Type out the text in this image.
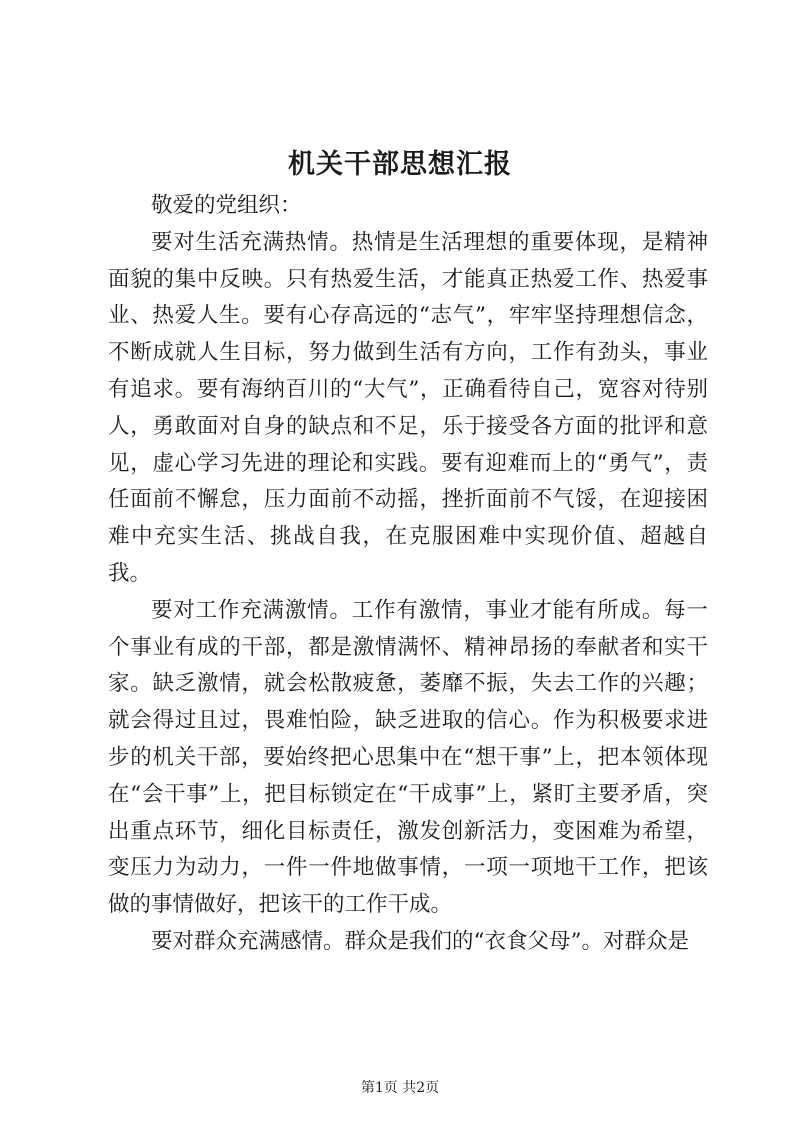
机关干部思想汇报

敬爱的党组织：

要对生活充满热情。热情是生活理想的重要体现，是精神面貌的集中反映。只有热爱生活，才能真正热爱工作、热爱事业、热爱人生。要有心存高远的“志气”，牢牢坚持理想信念，不断成就人生目标，努力做到生活有方向，工作有劲头，事业有追求。要有海纳百川的“大气”，正确看待自己，宽容对待别人，勇敢面对自身的缺点和不足，乐于接受各方面的批评和意见，虚心学习先进的理论和实践。要有迎难而上的“勇气”，责任面前不懈怠，压力面前不动摇，挫折面前不气馁，在迎接困难中充实生活、挑战自我，在克服困难中实现价值、超越自我。

要对工作充满激情。工作有激情，事业才能有所成。每一个事业有成的干部，都是激情满怀、精神昂扬的奉献者和实干家。缺乏激情，就会松散疲惫，萎靡不振，失去工作的兴趣；就会得过且过，畏难怕险，缺乏进取的信心。作为积极要求进步的机关干部，要始终把心思集中在“想干事”上，把本领体现在“会干事”上，把目标锁定在“干成事”上，紧盯主要矛盾，突出重点环节，细化目标责任，激发创新活力，变困难为希望，变压力为动力，一件一件地做事情，一项一项地干工作，把该做的事情做好，把该干的工作干成。

要对群众充满感情。群众是我们的“衣食父母”。对群众是

第1页 共2页
